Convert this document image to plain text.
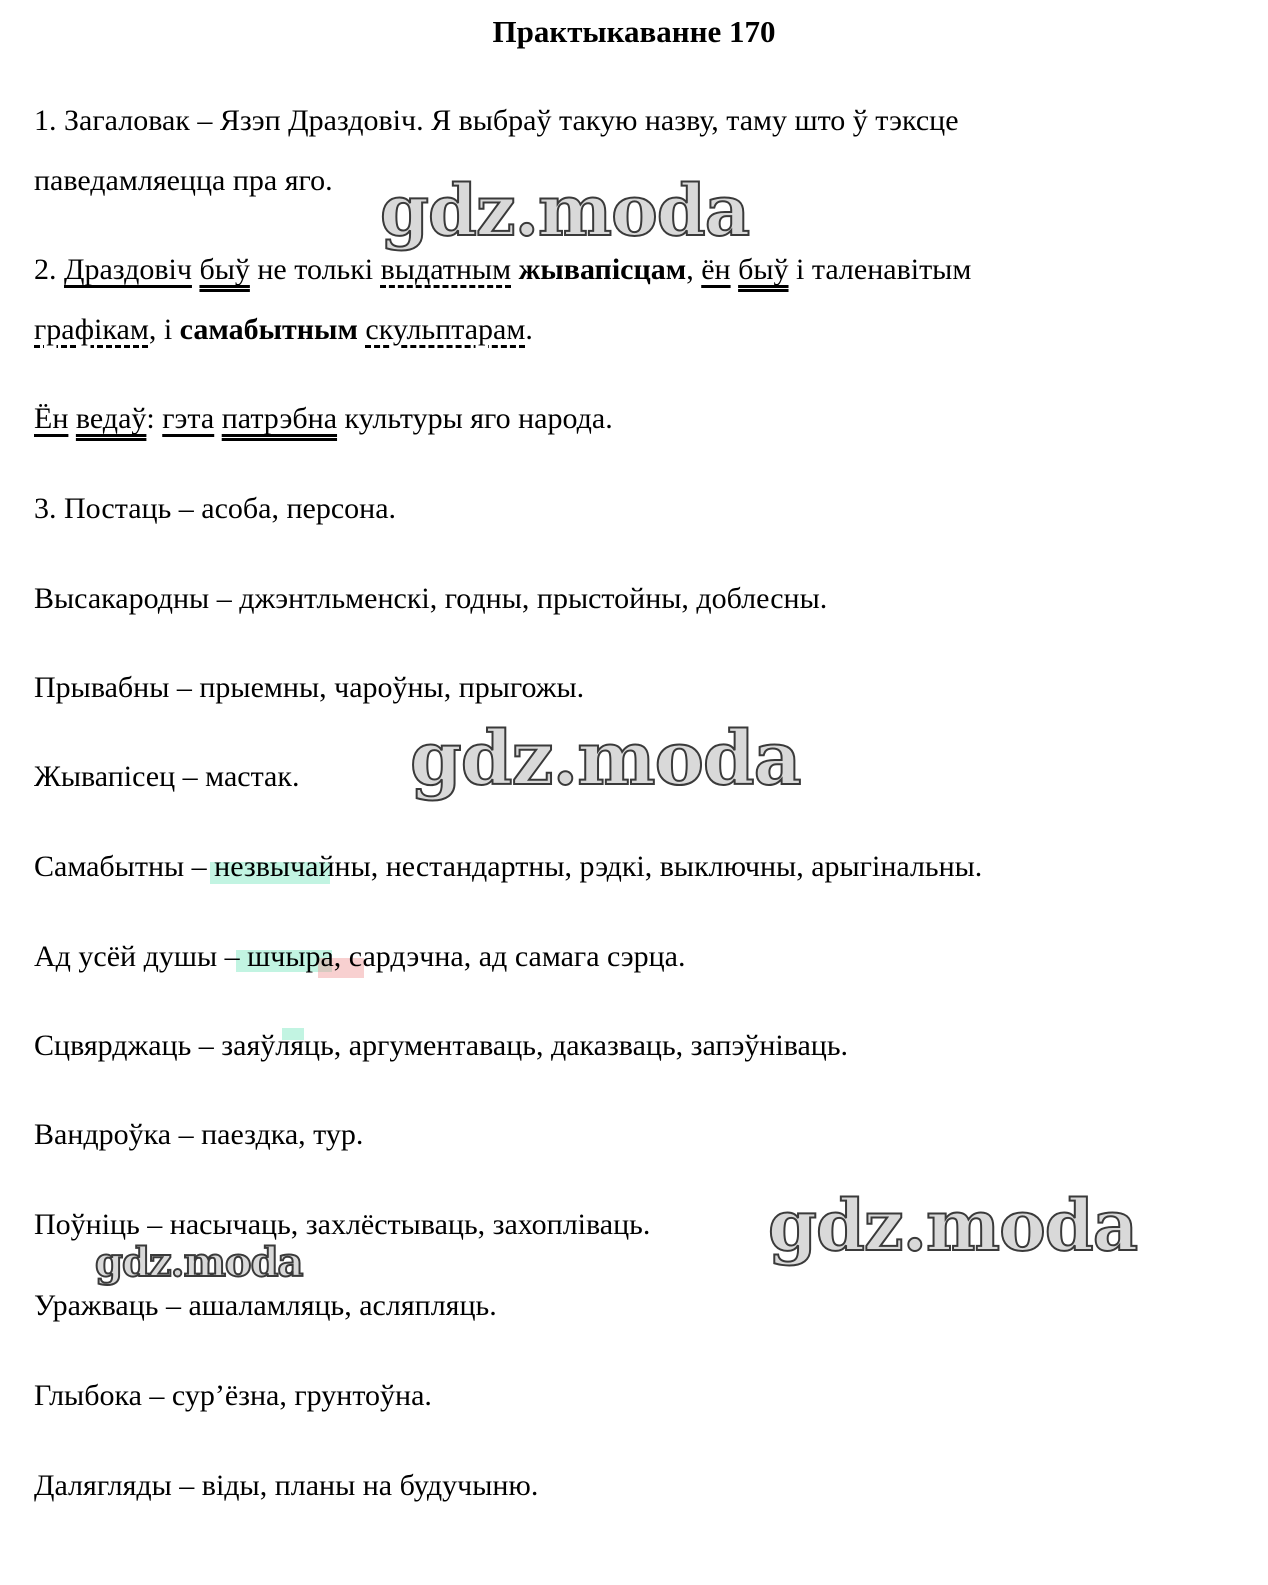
Практыкаванне 170
1. Загаловак – Язэп Драздовіч. Я выбраў такую назву, таму што ў тэксце
паведамляецца пра яго.
2. Драздовіч быў не толькі выдатным жывапісцам, ён быў і таленавітым
графікам, і самабытным скульптарам.
Ён ведаў: гэта патрэбна культуры яго народа.
3. Постаць – асоба, персона.
Высакародны – джэнтльменскі, годны, прыстойны, доблесны.
Прывабны – прыемны, чароўны, прыгожы.
Жывапісец – мастак.
Самабытны – незвычайны, нестандартны, рэдкі, выключны, арыгінальны.
Ад усёй душы – шчыра, сардэчна, ад самага сэрца.
Сцвярджаць – заяўляць, аргументаваць, даказваць, запэўніваць.
Вандроўка – паездка, тур.
Поўніць – насычаць, захлёстываць, захопліваць.
Уражваць – ашаламляць, асляпляць.
Глыбока – сур’ёзна, грунтоўна.
Далягляды – віды, планы на будучыню.
gdz.moda
gdz.moda
gdz.moda
gdz.moda
